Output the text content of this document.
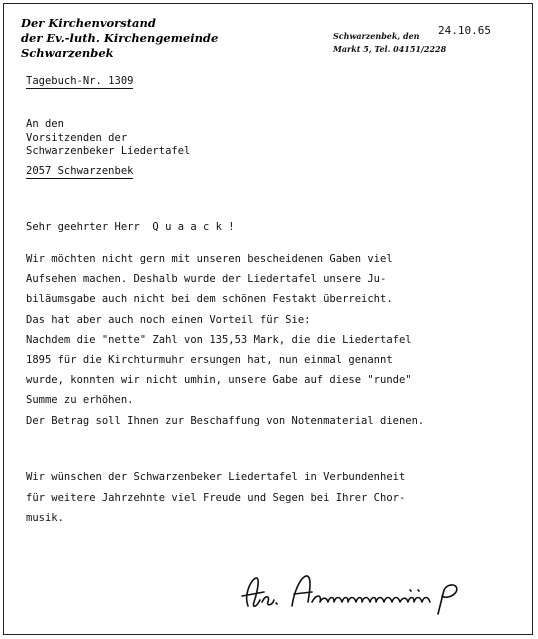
Der Kirchenvorstand
der Ev.-luth. Kirchengemeinde
Schwarzenbek
Schwarzenbek, den
Markt 5, Tel. 04151/2228
24.10.65
Tagebuch-Nr. 1309
An den
Vorsitzenden der
Schwarzenbeker Liedertafel
2057 Schwarzenbek
Sehr geehrter Herr  Q u a a c k !
Wir möchten nicht gern mit unseren bescheidenen Gaben viel
Aufsehen machen. Deshalb wurde der Liedertafel unsere Ju-
biläumsgabe auch nicht bei dem schönen Festakt überreicht.
Das hat aber auch noch einen Vorteil für Sie:
Nachdem die "nette" Zahl von 135,53 Mark, die die Liedertafel
1895 für die Kirchturmuhr ersungen hat, nun einmal genannt
wurde, konnten wir nicht umhin, unsere Gabe auf diese "runde"
Summe zu erhöhen.
Der Betrag soll Ihnen zur Beschaffung von Notenmaterial dienen.
Wir wünschen der Schwarzenbeker Liedertafel in Verbundenheit
für weitere Jahrzehnte viel Freude und Segen bei Ihrer Chor-
musik.
